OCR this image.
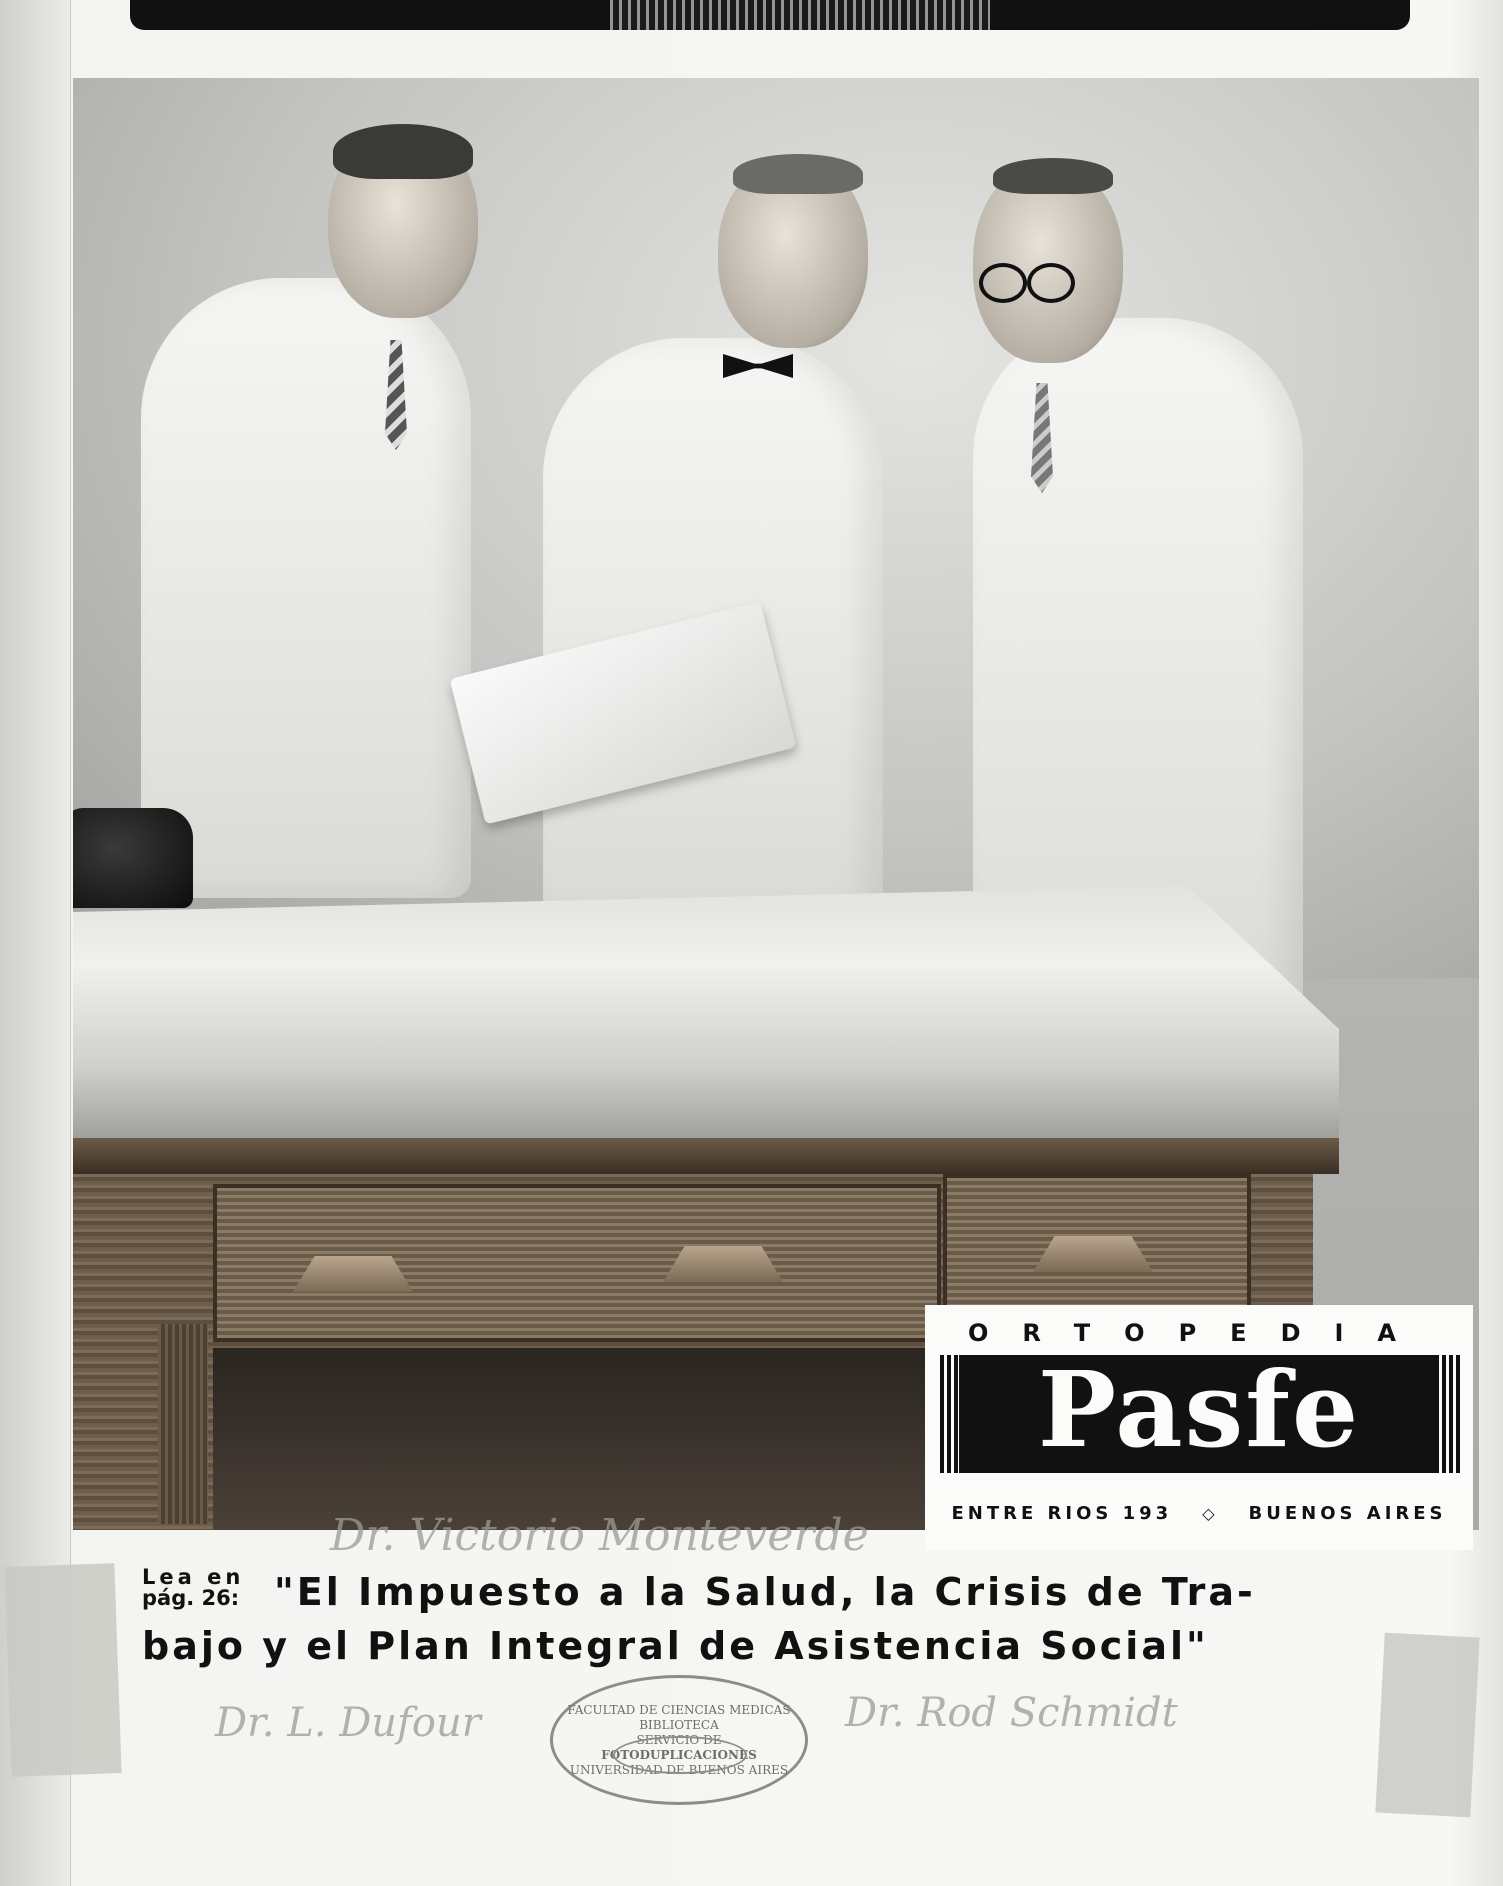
ORTOPEDIA
Pasfe
ENTRE RIOS 193 ◇ BUENOS AIRES
Dr. Victorio Monteverde
Lea en
pág. 26: "El Impuesto a la Salud, la Crisis de Tra-
bajo y el Plan Integral de Asistencia Social"
Dr. L. Dufour	Dr. Rod Schmidt
FACULTAD DE CIENCIAS MEDICAS
BIBLIOTECA
SERVICIO DE
FOTODUPLICACIONES
UNIVERSIDAD DE BUENOS AIRES
